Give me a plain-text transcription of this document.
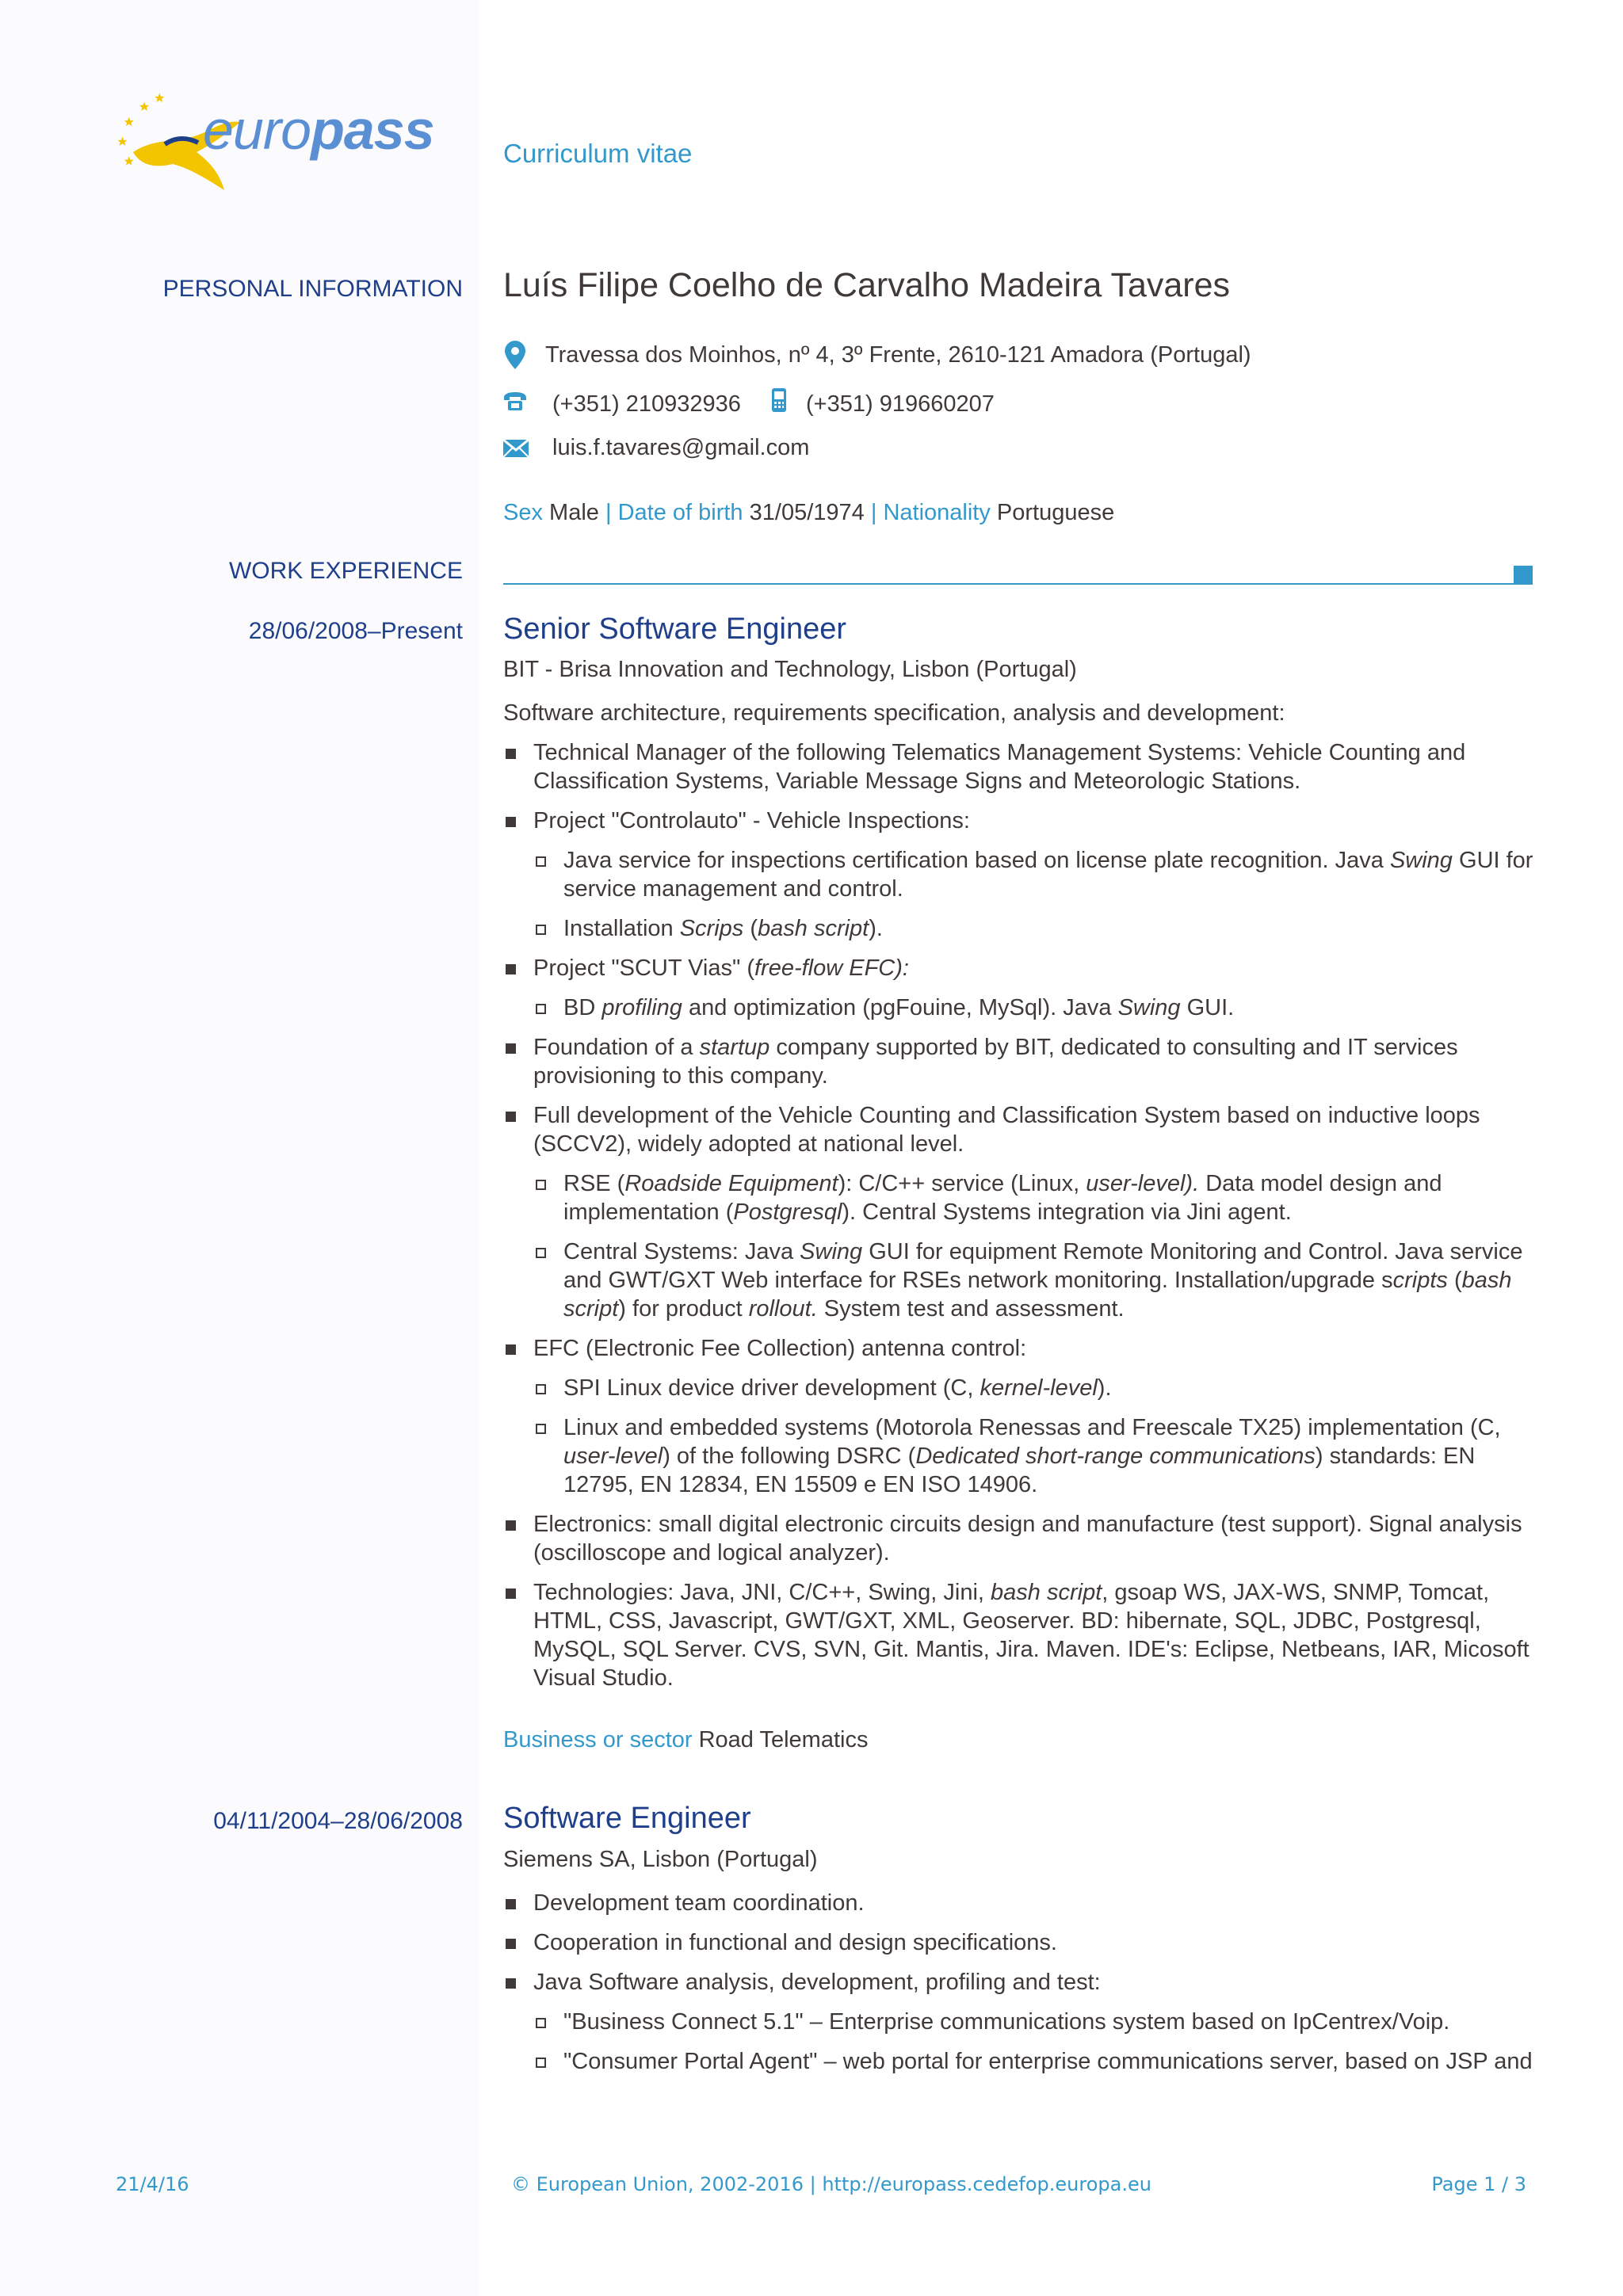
europass	Curriculum vitae
PERSONAL INFORMATION Luís Filipe Coelho de Carvalho Madeira Tavares
Travessa dos Moinhos, nº 4, 3º Frente, 2610-121 Amadora (Portugal)
(+351) 210932936	(+351) 919660207
luis.f.tavares@gmail.com
Sex Male | Date of birth 31/05/1974 | Nationality Portuguese
WORK EXPERIENCE
28/06/2008–Present Senior Software Engineer
BIT - Brisa Innovation and Technology, Lisbon (Portugal)
Software architecture, requirements specification, analysis and development:
Technical Manager of the following Telematics Management Systems: Vehicle Counting and Classification Systems, Variable Message Signs and Meteorologic Stations.
Project "Controlauto" - Vehicle Inspections:
Java service for inspections certification based on license plate recognition. Java Swing GUI for service management and control.
Installation Scrips (bash script).
Project "SCUT Vias" (free-flow EFC):
BD profiling and optimization (pgFouine, MySql). Java Swing GUI.
Foundation of a startup company supported by BIT, dedicated to consulting and IT services provisioning to this company.
Full development of the Vehicle Counting and Classification System based on inductive loops (SCCV2), widely adopted at national level.
RSE (Roadside Equipment): C/C++ service (Linux, user-level). Data model design and implementation (Postgresql). Central Systems integration via Jini agent.
Central Systems: Java Swing GUI for equipment Remote Monitoring and Control. Java service and GWT/GXT Web interface for RSEs network monitoring. Installation/upgrade scripts (bash script) for product rollout. System test and assessment.
EFC (Electronic Fee Collection) antenna control:
SPI Linux device driver development (C, kernel-level).
Linux and embedded systems (Motorola Renessas and Freescale TX25) implementation (C, user-level) of the following DSRC (Dedicated short-range communications) standards: EN 12795, EN 12834, EN 15509 e EN ISO 14906.
Electronics: small digital electronic circuits design and manufacture (test support). Signal analysis (oscilloscope and logical analyzer).
Technologies: Java, JNI, C/C++, Swing, Jini, bash script, gsoap WS, JAX-WS, SNMP, Tomcat, HTML, CSS, Javascript, GWT/GXT, XML, Geoserver. BD: hibernate, SQL, JDBC, Postgresql, MySQL, SQL Server. CVS, SVN, Git. Mantis, Jira. Maven. IDE's: Eclipse, Netbeans, IAR, Micosoft Visual Studio.
Business or sector Road Telematics
04/11/2004–28/06/2008 Software Engineer
Siemens SA, Lisbon (Portugal)
Development team coordination.
Cooperation in functional and design specifications.
Java Software analysis, development, profiling and test:
"Business Connect 5.1" – Enterprise communications system based on IpCentrex/Voip.
"Consumer Portal Agent" – web portal for enterprise communications server, based on JSP and
21/4/16	© European Union, 2002-2016 | http://europass.cedefop.europa.eu	Page 1 / 3
